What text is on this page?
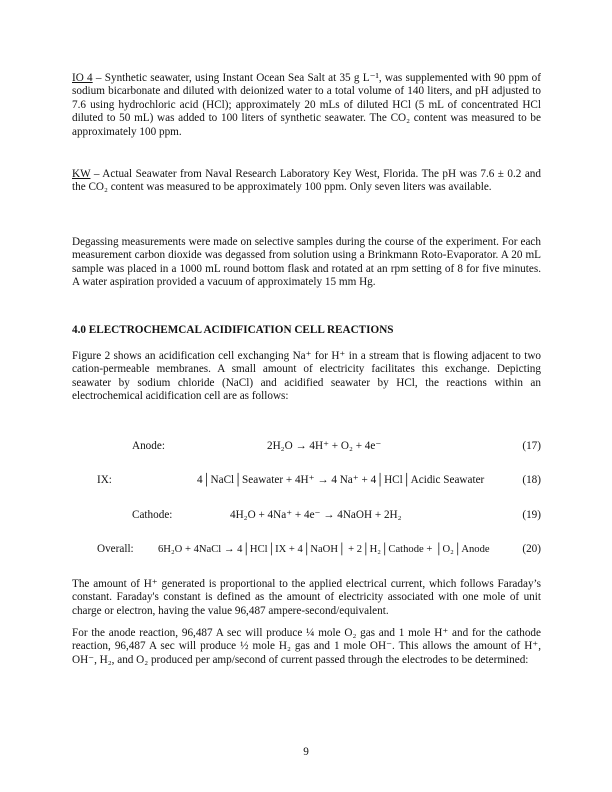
IO 4 – Synthetic seawater, using Instant Ocean Sea Salt at 35 g L⁻¹, was supplemented with 90 ppm of sodium bicarbonate and diluted with deionized water to a total volume of 140 liters, and pH adjusted to 7.6 using hydrochloric acid (HCl); approximately 20 mLs of diluted HCl (5 mL of concentrated HCl diluted to 50 mL) was added to 100 liters of synthetic seawater. The CO₂ content was measured to be approximately 100 ppm.

KW – Actual Seawater from Naval Research Laboratory Key West, Florida. The pH was 7.6 ± 0.2 and the CO₂ content was measured to be approximately 100 ppm. Only seven liters was available.

Degassing measurements were made on selective samples during the course of the experiment. For each measurement carbon dioxide was degassed from solution using a Brinkmann Roto-Evaporator. A 20 mL sample was placed in a 1000 mL round bottom flask and rotated at an rpm setting of 8 for five minutes. A water aspiration provided a vacuum of approximately 15 mm Hg.

4.0 ELECTROCHEMCAL ACIDIFICATION CELL REACTIONS

Figure 2 shows an acidification cell exchanging Na⁺ for H⁺ in a stream that is flowing adjacent to two cation-permeable membranes. A small amount of electricity facilitates this exchange. Depicting seawater by sodium chloride (NaCl) and acidified seawater by HCl, the reactions within an electrochemical acidification cell are as follows:

Anode:	2H₂O → 4H⁺ + O₂ + 4e⁻	(17)
IX:	4│NaCl│Seawater + 4H⁺ → 4 Na⁺ + 4│HCl│Acidic Seawater	(18)
Cathode:	4H₂O + 4Na⁺ + 4e⁻ → 4NaOH + 2H₂	(19)
Overall: 6H₂O + 4NaCl → 4│HCl│IX + 4│NaOH│ + 2│H₂│Cathode + │O₂│Anode	(20)

The amount of H⁺ generated is proportional to the applied electrical current, which follows Faraday’s constant. Faraday's constant is defined as the amount of electricity associated with one mole of unit charge or electron, having the value 96,487 ampere-second/equivalent.

For the anode reaction, 96,487 A sec will produce ¼ mole O₂ gas and 1 mole H⁺ and for the cathode reaction, 96,487 A sec will produce ½ mole H₂ gas and 1 mole OH⁻. This allows the amount of H⁺, OH⁻, H₂, and O₂ produced per amp/second of current passed through the electrodes to be determined:

9
